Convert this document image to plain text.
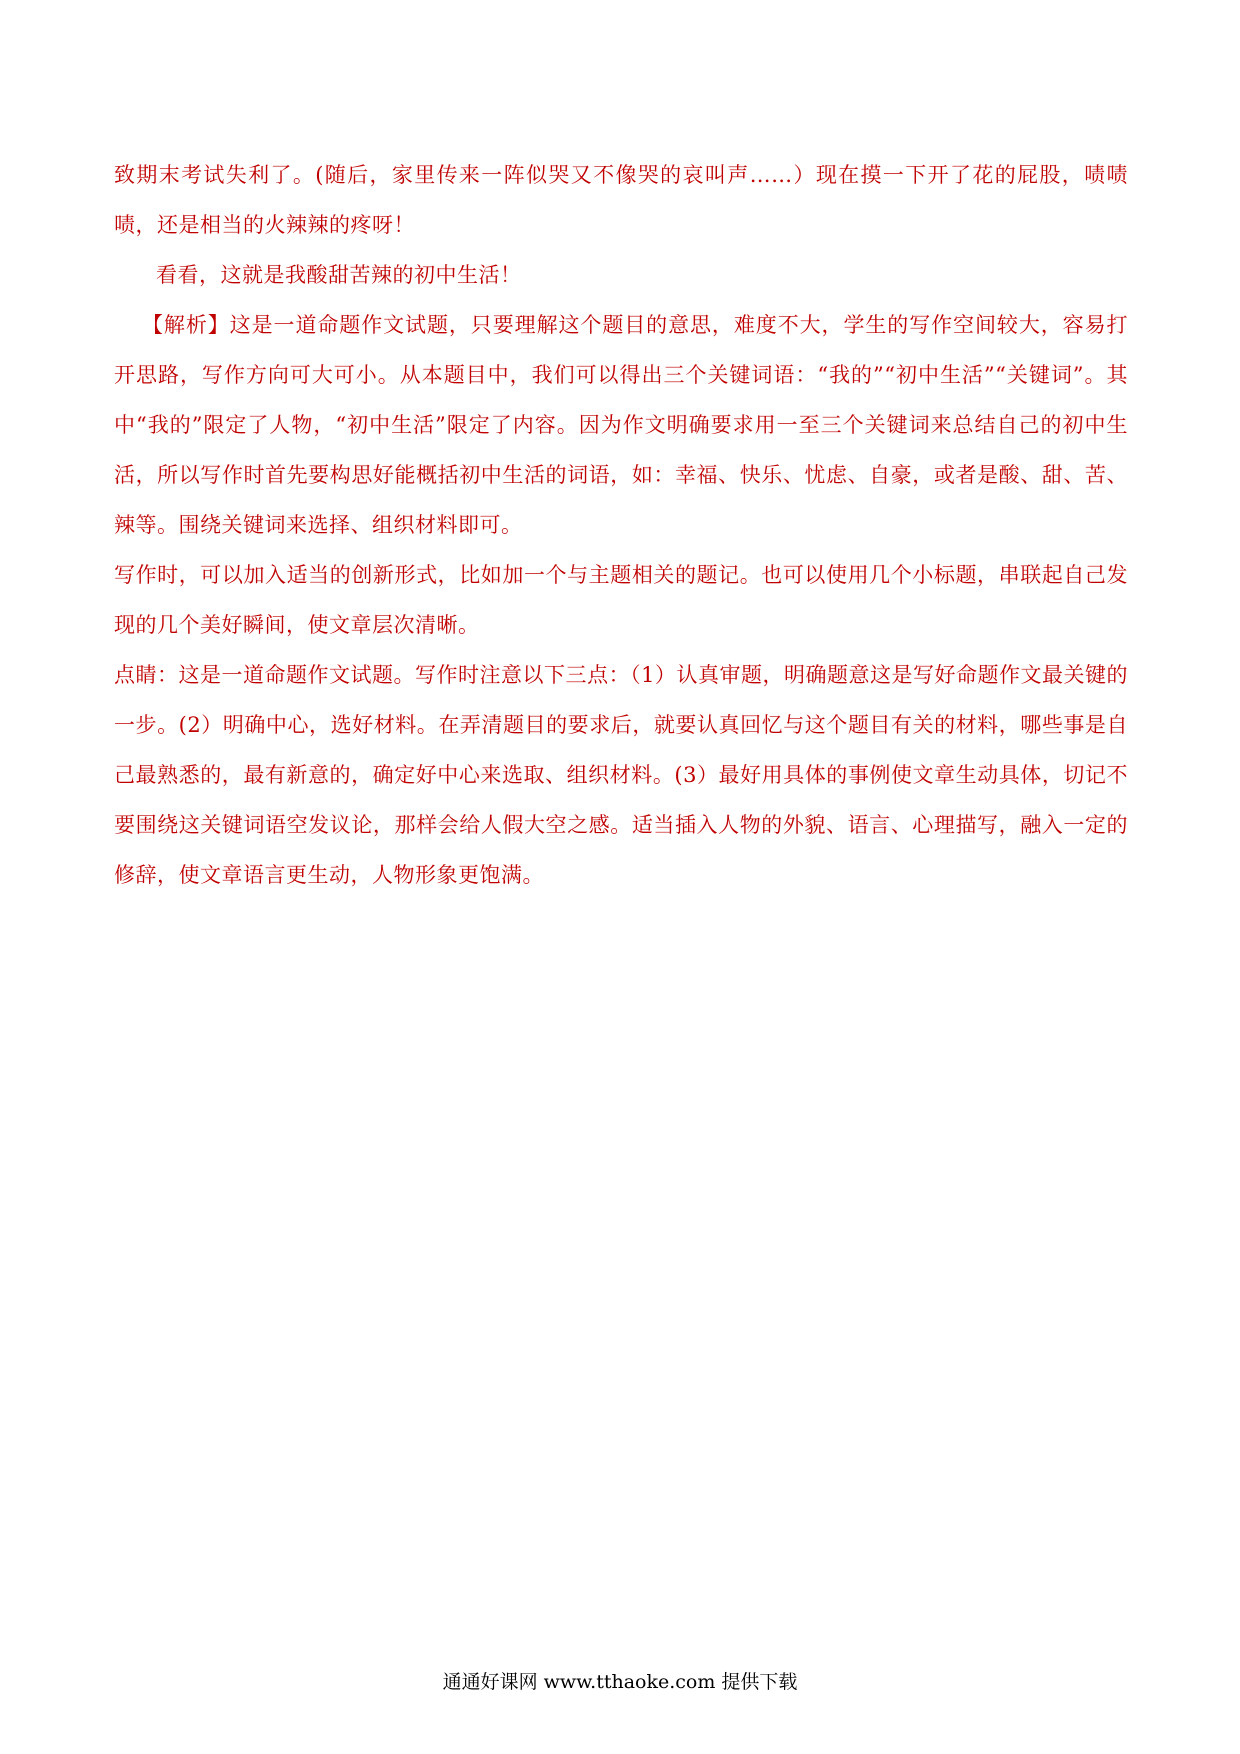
致期末考试失利了。(随后，家里传来一阵似哭又不像哭的哀叫声……）现在摸一下开了花的屁股，啧啧啧，还是相当的火辣辣的疼呀！

看看，这就是我酸甜苦辣的初中生活！

【解析】这是一道命题作文试题，只要理解这个题目的意思，难度不大，学生的写作空间较大，容易打开思路，写作方向可大可小。从本题目中，我们可以得出三个关键词语：“我的”“初中生活”“关键词”。其中“我的”限定了人物，“初中生活”限定了内容。因为作文明确要求用一至三个关键词来总结自己的初中生活，所以写作时首先要构思好能概括初中生活的词语，如：幸福、快乐、忧虑、自豪，或者是酸、甜、苦、辣等。围绕关键词来选择、组织材料即可。

写作时，可以加入适当的创新形式，比如加一个与主题相关的题记。也可以使用几个小标题，串联起自己发现的几个美好瞬间，使文章层次清晰。

点睛：这是一道命题作文试题。写作时注意以下三点：（1）认真审题，明确题意这是写好命题作文最关键的一步。(2）明确中心，选好材料。在弄清题目的要求后，就要认真回忆与这个题目有关的材料，哪些事是自己最熟悉的，最有新意的，确定好中心来选取、组织材料。(3）最好用具体的事例使文章生动具体，切记不要围绕这关键词语空发议论，那样会给人假大空之感。适当插入人物的外貌、语言、心理描写，融入一定的修辞，使文章语言更生动，人物形象更饱满。

通通好课网 www.tthaoke.com 提供下载
